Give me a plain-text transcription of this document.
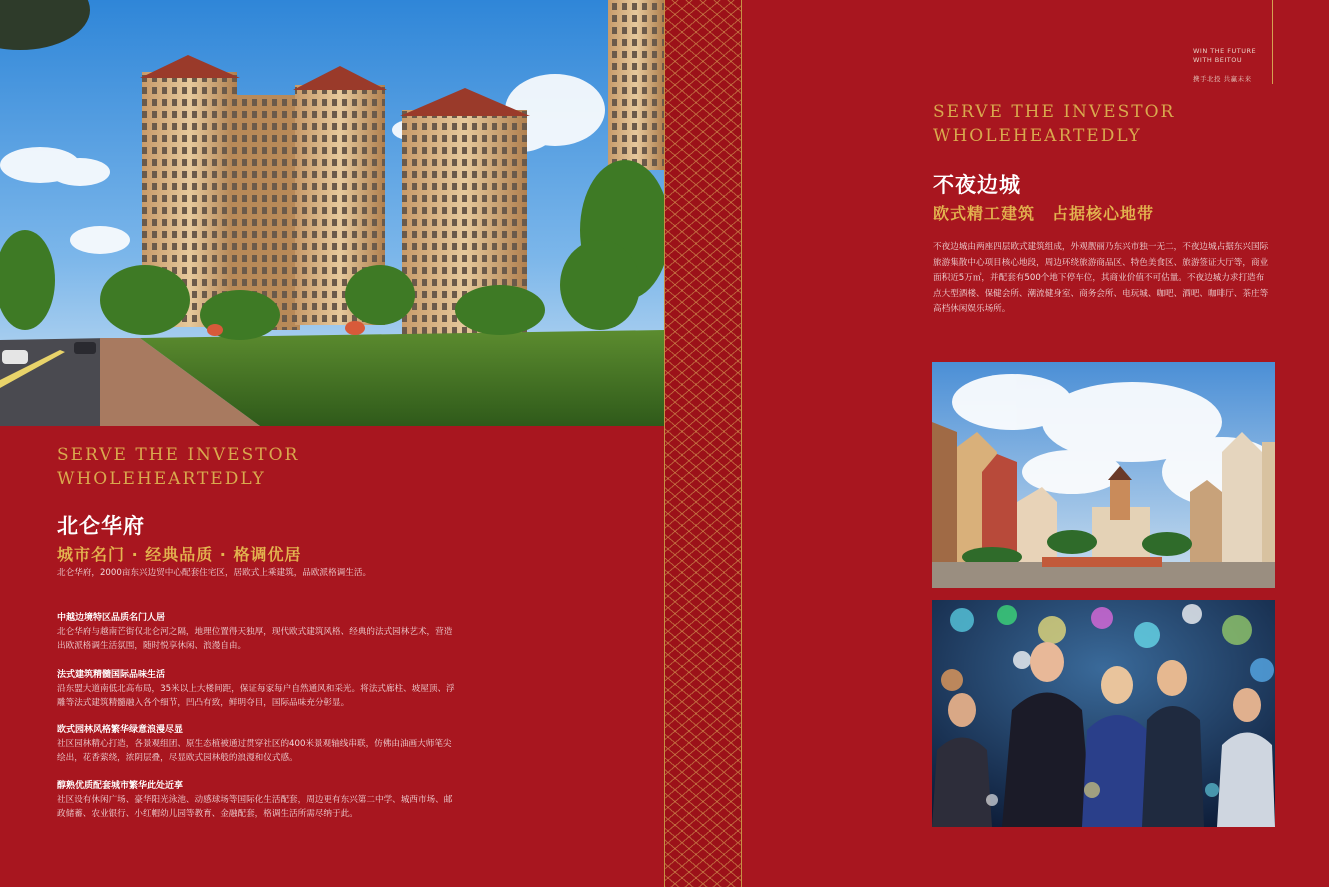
SERVE THE INVESTOR
WHOLEHEARTEDLY
北仑华府
城市名门 · 经典品质 · 格调优居
北仑华府，2000亩东兴边贸中心配套住宅区，居欧式上乘建筑，品欧派格调生活。
中越边境特区品质名门人居
北仑华府与越南芒街仅北仑河之隔，地理位置得天独厚，现代欧式建筑风格、经典的法式园林艺术，营造出欧派格调生活氛围，随时悦享休闲、浪漫自由。
法式建筑精髓国际品味生活
沿东盟大道南低北高布局，35米以上大楼间距，保证每家每户自然通风和采光。将法式廊柱、坡屋顶、浮雕等法式建筑精髓融入各个细节，凹凸有致，鲜明夺目，国际品味充分彰显。
欧式园林风格繁华绿意浪漫尽显
社区园林精心打造，各景观组团、原生态植被通过贯穿社区的400米景观轴线串联，仿佛由油画大师笔尖绘出，花香萦绕，浓阴层叠，尽显欧式园林般的浪漫和仪式感。
醇熟优质配套城市繁华此处近享
社区设有休闲广场、豪华阳光泳池、动感球场等国际化生活配套，周边更有东兴第二中学、城西市场、邮政储蓄、农业银行、小红帽幼儿园等教育、金融配套，格调生活所需尽纳于此。
WIN THE FUTURE
WITH BEITOU
携手北投 共赢未来
SERVE THE INVESTOR
WHOLEHEARTEDLY
不夜边城
欧式精工建筑　占据核心地带
不夜边城由两座四层欧式建筑组成，外观靓丽乃东兴市独一无二，不夜边城占据东兴国际旅游集散中心项目核心地段，周边环绕旅游商品区、特色美食区、旅游签证大厅等，商业面积近5万㎡，并配套有500个地下停车位，其商业价值不可估量。不夜边城力求打造布点大型酒楼、保健会所、潮流健身室、商务会所、电玩城、咖吧、酒吧、咖啡厅、茶庄等高档休闲娱乐场所。
